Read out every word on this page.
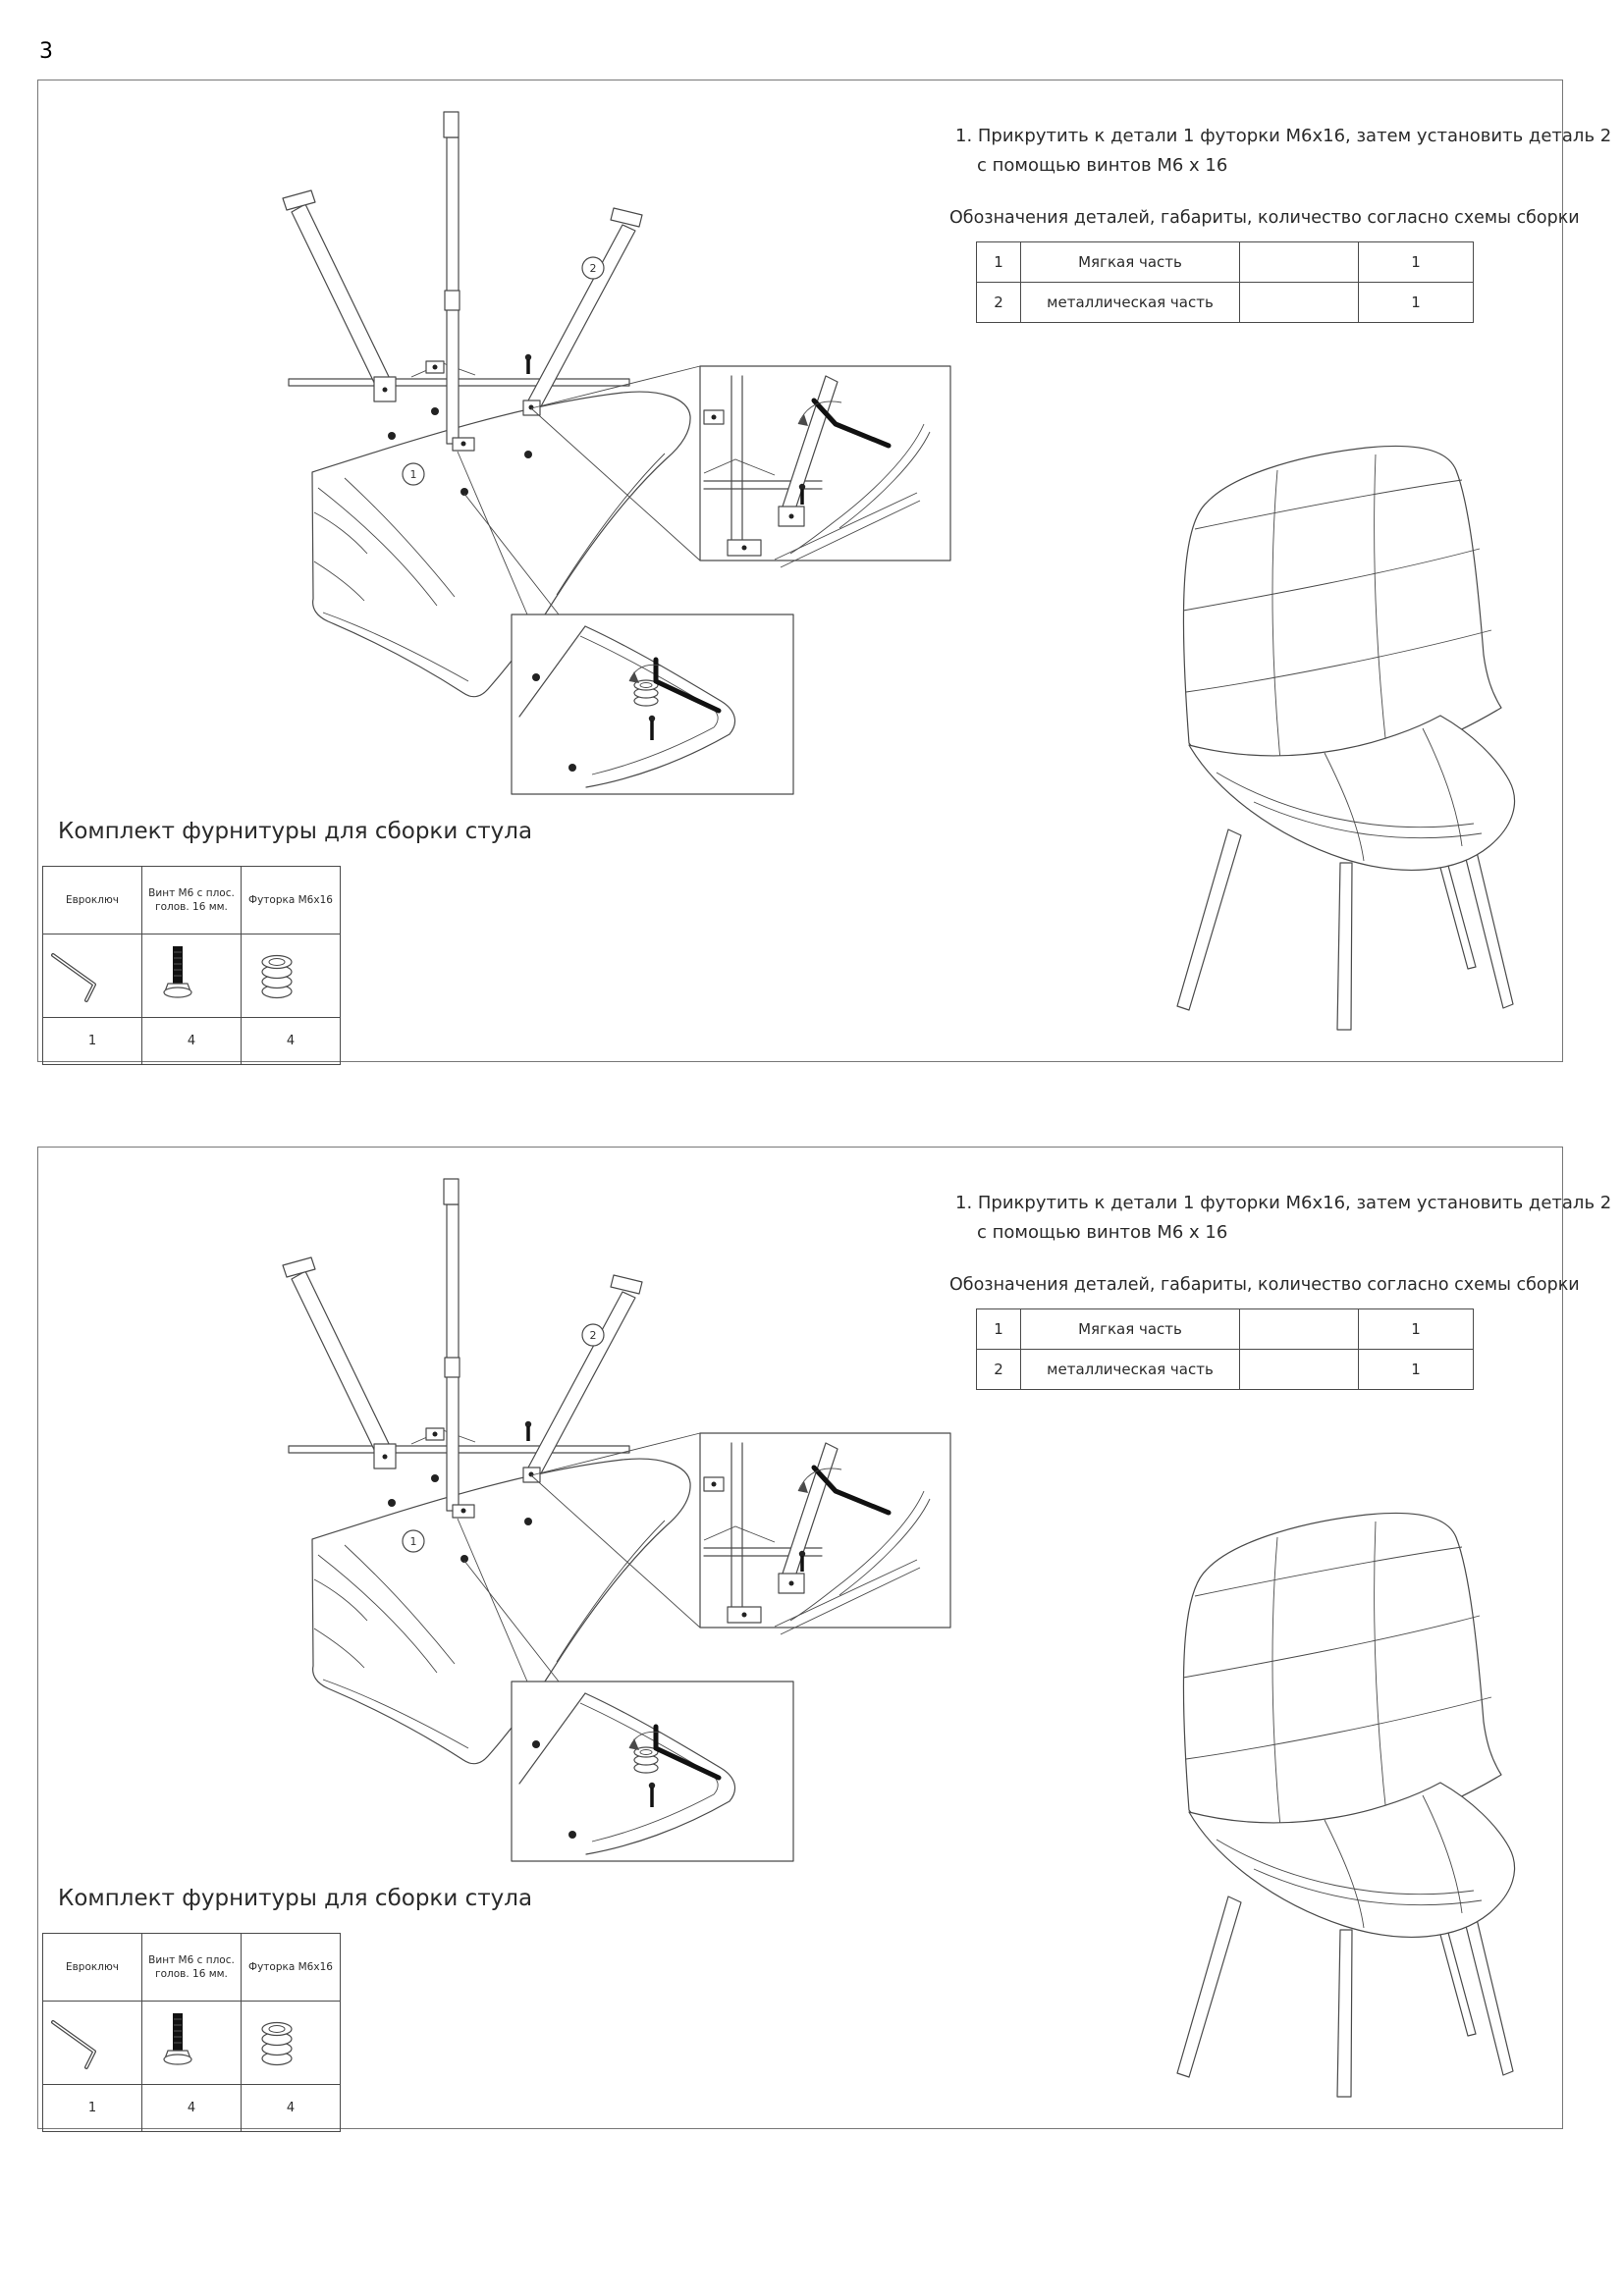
3
1
2
1. Прикрутить к детали 1 футорки М6х16, затем установить деталь 2
с помощью винтов М6 х 16
Обозначения деталей, габариты, количество согласно схемы сборки
1	Мягкая часть		1
2	металлическая часть		1
Комплект фурнитуры для сборки стула
Евроключ	Винт М6 с плос. голов. 16 мм.	Футорка М6х16

1	4	4
1
2
1. Прикрутить к детали 1 футорки М6х16, затем установить деталь 2
с помощью винтов М6 х 16
Обозначения деталей, габариты, количество согласно схемы сборки
1	Мягкая часть		1
2	металлическая часть		1
Комплект фурнитуры для сборки стула
Евроключ	Винт М6 с плос. голов. 16 мм.	Футорка М6х16

1	4	4
